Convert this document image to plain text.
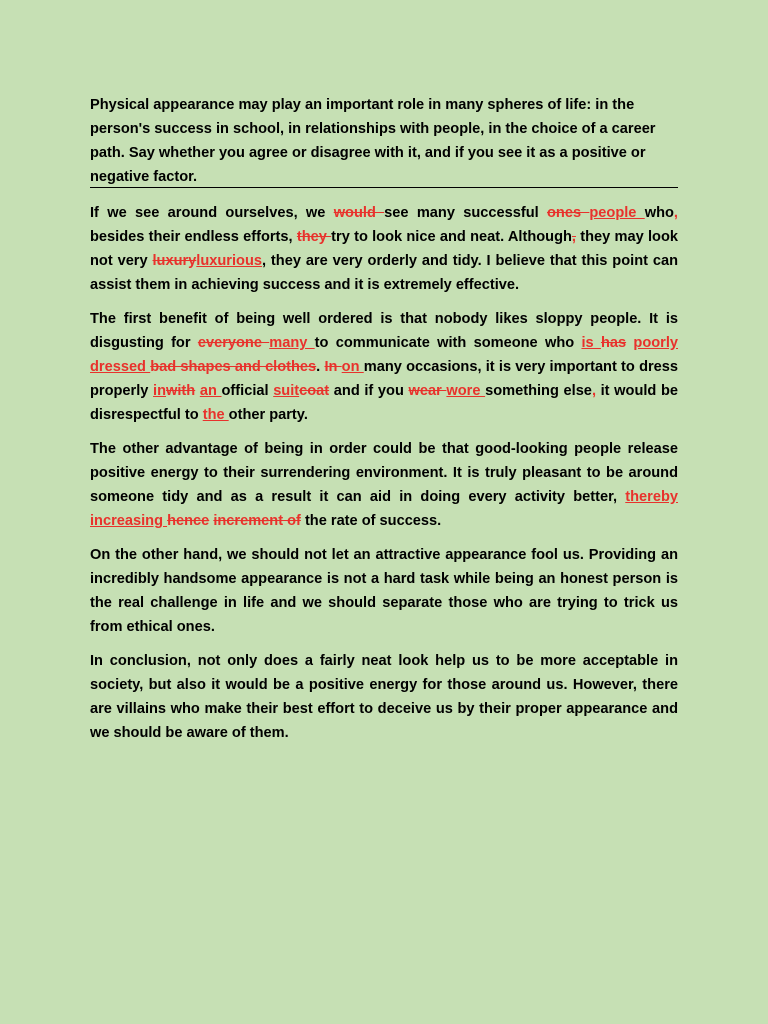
Physical appearance may play an important role in many spheres of life: in the person's success in school, in relationships with people, in the choice of a career path. Say whether you agree or disagree with it, and if you see it as a positive or negative factor.

If we see around ourselves, we would see many successful ones people who, besides their endless efforts, they try to look nice and neat. Although, they may look not very luxuryluxurious, they are very orderly and tidy. I believe that this point can assist them in achieving success and it is extremely effective.

The first benefit of being well ordered is that nobody likes sloppy people. It is disgusting for everyone many to communicate with someone who is has poorly dressed bad shapes and clothes. In on many occasions, it is very important to dress properly inwith an official suitcoat and if you wear wore something else, it would be disrespectful to the other party.

The other advantage of being in order could be that good-looking people release positive energy to their surrendering environment. It is truly pleasant to be around someone tidy and as a result it can aid in doing every activity better, thereby increasing hence increment of the rate of success.

On the other hand, we should not let an attractive appearance fool us. Providing an incredibly handsome appearance is not a hard task while being an honest person is the real challenge in life and we should separate those who are trying to trick us from ethical ones.

In conclusion, not only does a fairly neat look help us to be more acceptable in society, but also it would be a positive energy for those around us. However, there are villains who make their best effort to deceive us by their proper appearance and we should be aware of them.
